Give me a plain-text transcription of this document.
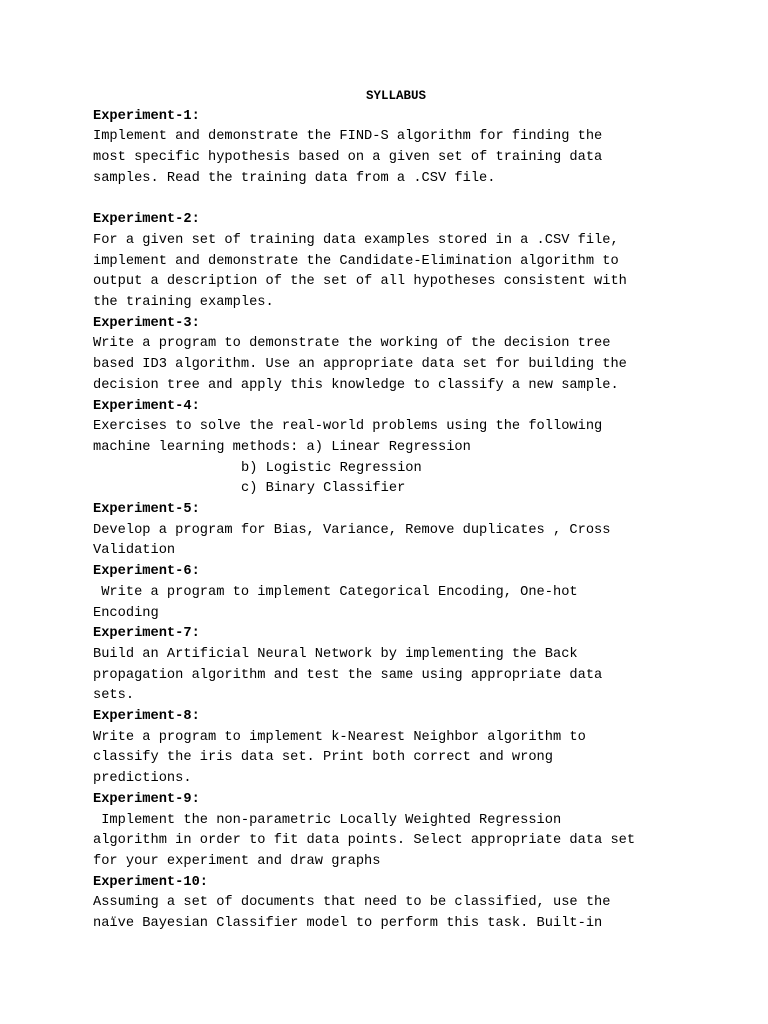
SYLLABUS
Experiment-1:
Implement and demonstrate the FIND-S algorithm for finding the
most specific hypothesis based on a given set of training data
samples. Read the training data from a .CSV file.
Experiment-2:
For a given set of training data examples stored in a .CSV file,
implement and demonstrate the Candidate-Elimination algorithm to
output a description of the set of all hypotheses consistent with
the training examples.
Experiment-3:
Write a program to demonstrate the working of the decision tree
based ID3 algorithm. Use an appropriate data set for building the
decision tree and apply this knowledge to classify a new sample.
Experiment-4:
Exercises to solve the real-world problems using the following
machine learning methods: a) Linear Regression
b) Logistic Regression
c) Binary Classifier
Experiment-5:
Develop a program for Bias, Variance, Remove duplicates , Cross
Validation
Experiment-6:
Write a program to implement Categorical Encoding, One-hot
Encoding
Experiment-7:
Build an Artificial Neural Network by implementing the Back
propagation algorithm and test the same using appropriate data
sets.
Experiment-8:
Write a program to implement k-Nearest Neighbor algorithm to
classify the iris data set. Print both correct and wrong
predictions.
Experiment-9:
Implement the non-parametric Locally Weighted Regression
algorithm in order to fit data points. Select appropriate data set
for your experiment and draw graphs
Experiment-10:
Assuming a set of documents that need to be classified, use the
naïve Bayesian Classifier model to perform this task. Built-in
